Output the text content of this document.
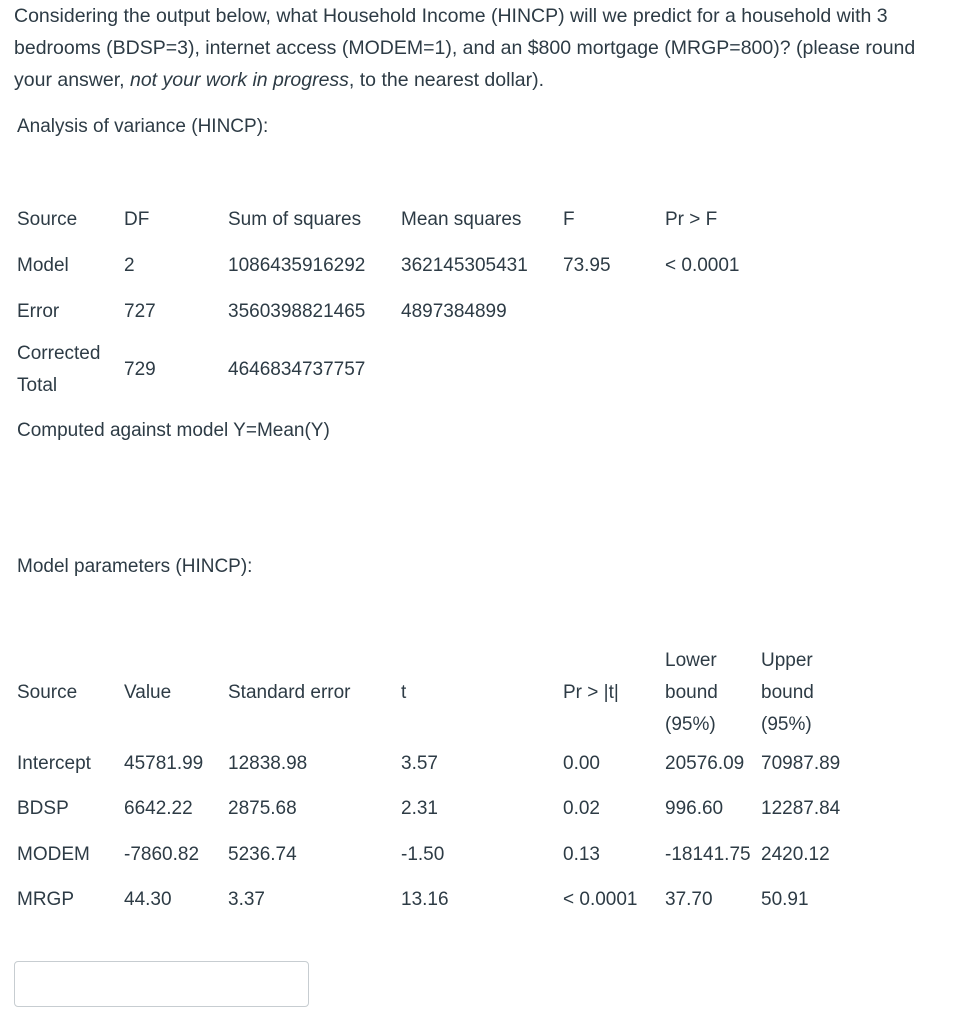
Considering the output below, what Household Income (HINCP) will we predict for a household with 3 bedrooms (BDSP=3), internet access (MODEM=1), and an $800 mortgage (MRGP=800)? (please round your answer, not your work in progress, to the nearest dollar).
Analysis of variance (HINCP):
Source	DF	Sum of squares	Mean squares	F	Pr > F
Model	2	1086435916292	362145305431	73.95	< 0.0001
Error	727	3560398821465	4897384899		
Corrected Total	729	4646834737757			
Computed against model Y=Mean(Y)
Model parameters (HINCP):
Source	Value	Standard error	t	Pr > |t|	Lower bound (95%)	Upper bound (95%)
Intercept	45781.99	12838.98	3.57	0.00	20576.09	70987.89
BDSP	6642.22	2875.68	2.31	0.02	996.60	12287.84
MODEM	-7860.82	5236.74	-1.50	0.13	-18141.75	2420.12
MRGP	44.30	3.37	13.16	< 0.0001	37.70	50.91
